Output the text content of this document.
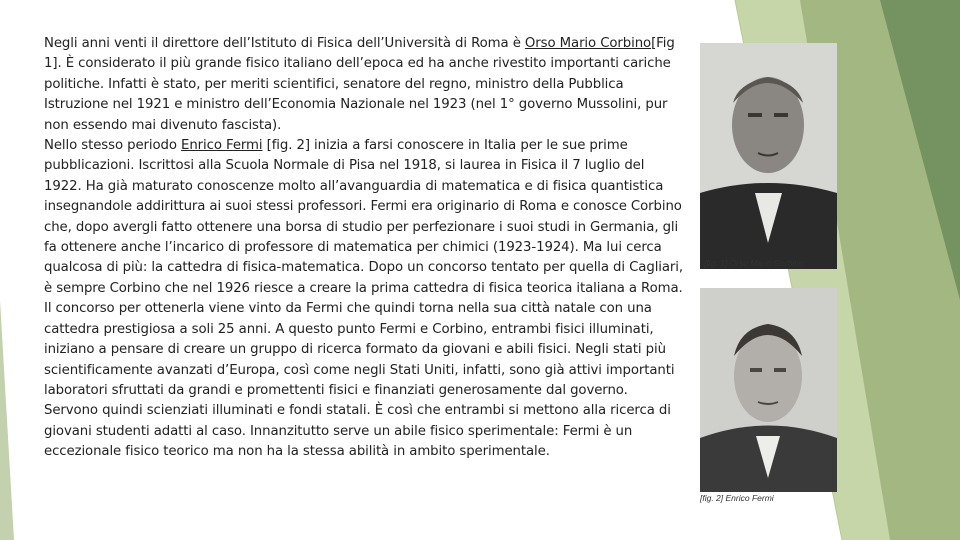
Negli anni venti il direttore dell’Istituto di Fisica dell’Università di Roma è Orso Mario Corbino[Fig 1]. È considerato il più grande fisico italiano dell’epoca ed ha anche rivestito importanti cariche politiche. Infatti è stato, per meriti scientifici, senatore del regno, ministro della Pubblica Istruzione nel 1921 e ministro dell’Economia Nazionale nel 1923 (nel 1° governo Mussolini, pur non essendo mai divenuto fascista).

Nello stesso periodo Enrico Fermi [fig. 2] inizia a farsi conoscere in Italia per le sue prime pubblicazioni. Iscrittosi alla Scuola Normale di Pisa nel 1918, si laurea in Fisica il 7 luglio del 1922. Ha già maturato conoscenze molto all’avanguardia di matematica e di fisica quantistica insegnandole addirittura ai suoi stessi professori. Fermi era originario di Roma e conosce Corbino che, dopo avergli fatto ottenere una borsa di studio per perfezionare i suoi studi in Germania, gli fa ottenere anche l’incarico di professore di matematica per chimici (1923-1924). Ma lui cerca qualcosa di più: la cattedra di fisica-matematica. Dopo un concorso tentato per quella di Cagliari, è sempre Corbino che nel 1926 riesce a creare la prima cattedra di fisica teorica italiana a Roma. Il concorso per ottenerla viene vinto da Fermi che quindi torna nella sua città natale con una cattedra prestigiosa a soli 25 anni. A questo punto Fermi e Corbino, entrambi fisici illuminati, iniziano a pensare di creare un gruppo di ricerca formato da giovani e abili fisici. Negli stati più scientificamente avanzati d’Europa, così come negli Stati Uniti, infatti, sono già attivi importanti laboratori sfruttati da grandi e promettenti fisici e finanziati generosamente dal governo. Servono quindi scienziati illuminati e fondi statali. È così che entrambi si mettono alla ricerca di giovani studenti adatti al caso. Innanzitutto serve un abile fisico sperimentale: Fermi è un eccezionale fisico teorico ma non ha la stessa abilità in ambito sperimentale.

[fig. 1] Orso Mario Corbino
[fig. 2] Enrico Fermi
